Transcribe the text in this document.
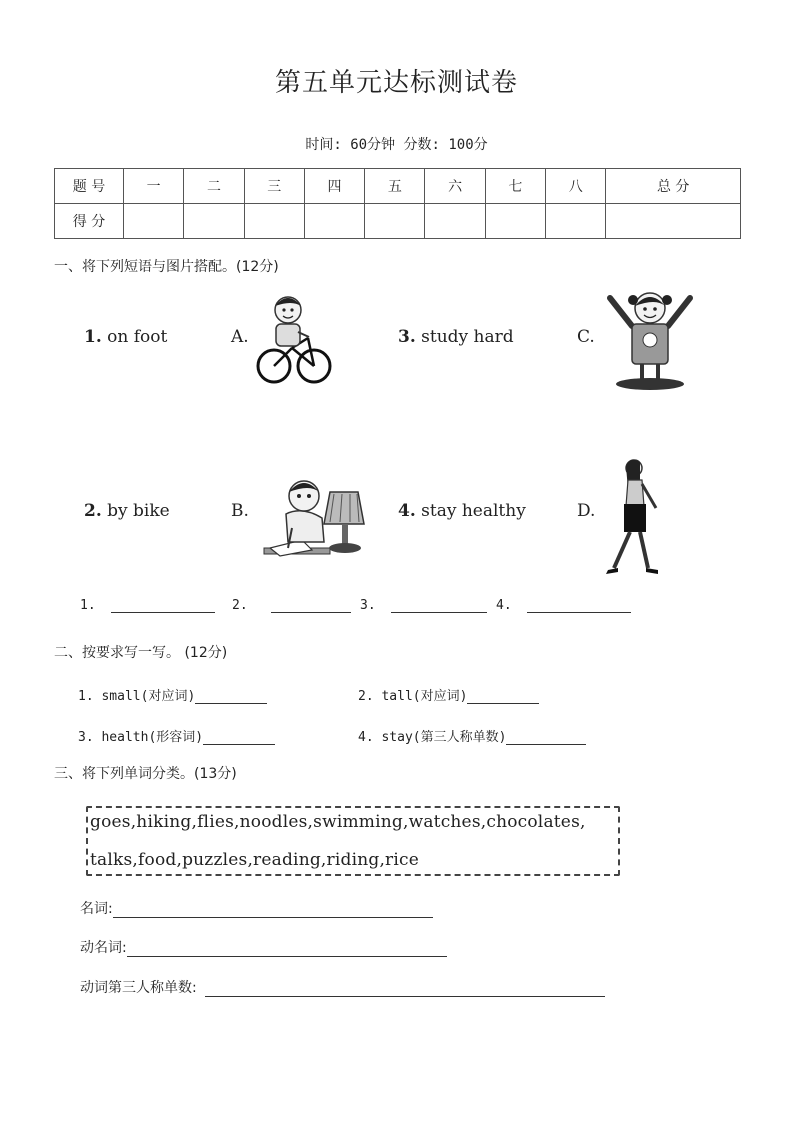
第五单元达标测试卷
时间: 60分钟 分数: 100分
题 号	一	二	三	四	五	六	七	八	总 分
得 分									
一、将下列短语与图片搭配。(12分)
1. on foot	A.	3. study hard	C.
2. by bike	B.	4. stay healthy	D.
1.	2.	3.	4.
二、按要求写一写。 (12分)
1. small(对应词)	2. tall(对应词)
3. health(形容词)	4. stay(第三人称单数)
三、将下列单词分类。(13分)
goes,hiking,flies,noodles,swimming,watches,chocolates,
talks,food,puzzles,reading,riding,rice
名词:
动名词:
动词第三人称单数:
